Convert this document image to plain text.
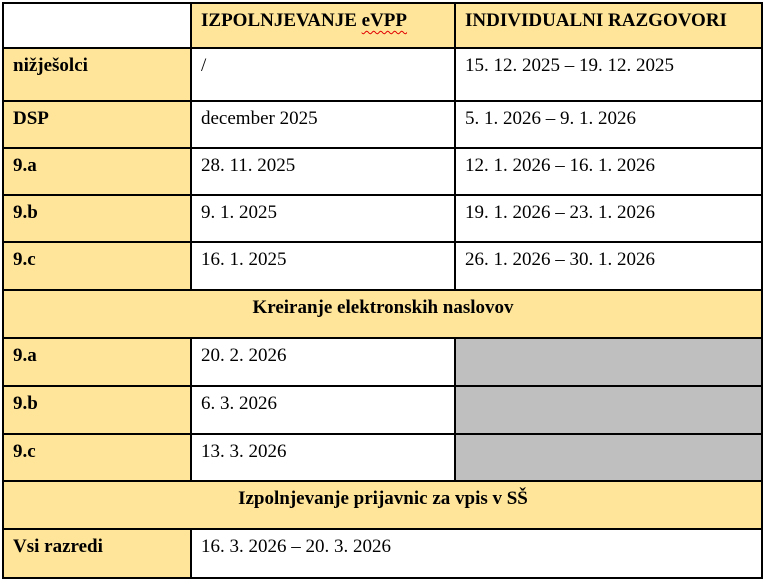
	IZPOLNJEVANJE eVPP	INDIVIDUALNI RAZGOVORI
nižješolci	/	15. 12. 2025 – 19. 12. 2025
DSP	december 2025	5. 1. 2026 – 9. 1. 2026
9.a	28. 11. 2025	12. 1. 2026 – 16. 1. 2026
9.b	9. 1. 2025	19. 1. 2026 – 23. 1. 2026
9.c	16. 1. 2025	26. 1. 2026 – 30. 1. 2026
Kreiranje elektronskih naslovov		
9.a	20. 2. 2026	
9.b	6. 3. 2026	
9.c	13. 3. 2026	
Izpolnjevanje prijavnic za vpis v SŠ		
Vsi razredi	16. 3. 2026 – 20. 3. 2026	
